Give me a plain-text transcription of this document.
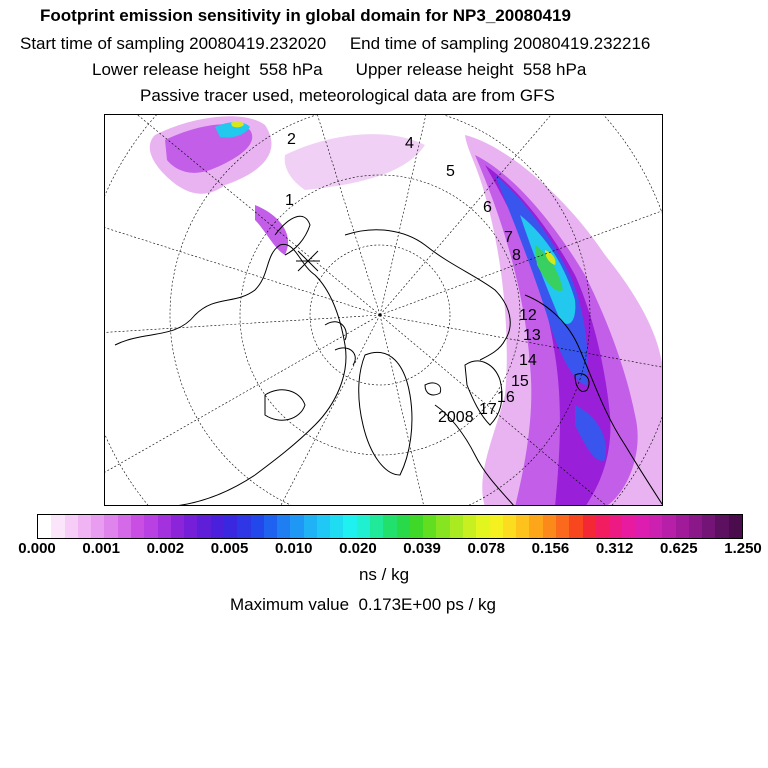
Footprint emission sensitivity in global domain for NP3_20080419
Start time of sampling 20080419.232020     End time of sampling 20080419.232216
Lower release height  558 hPa       Upper release height  558 hPa
Passive tracer used, meteorological data are from GFS
2
1
4
5
6
7
8
12
13
14
15
16
17
2008
0.000 0.001 0.002 0.005 0.010 0.020 0.039 0.078 0.156 0.312 0.625 1.250
ns / kg
Maximum value  0.173E+00 ps / kg
